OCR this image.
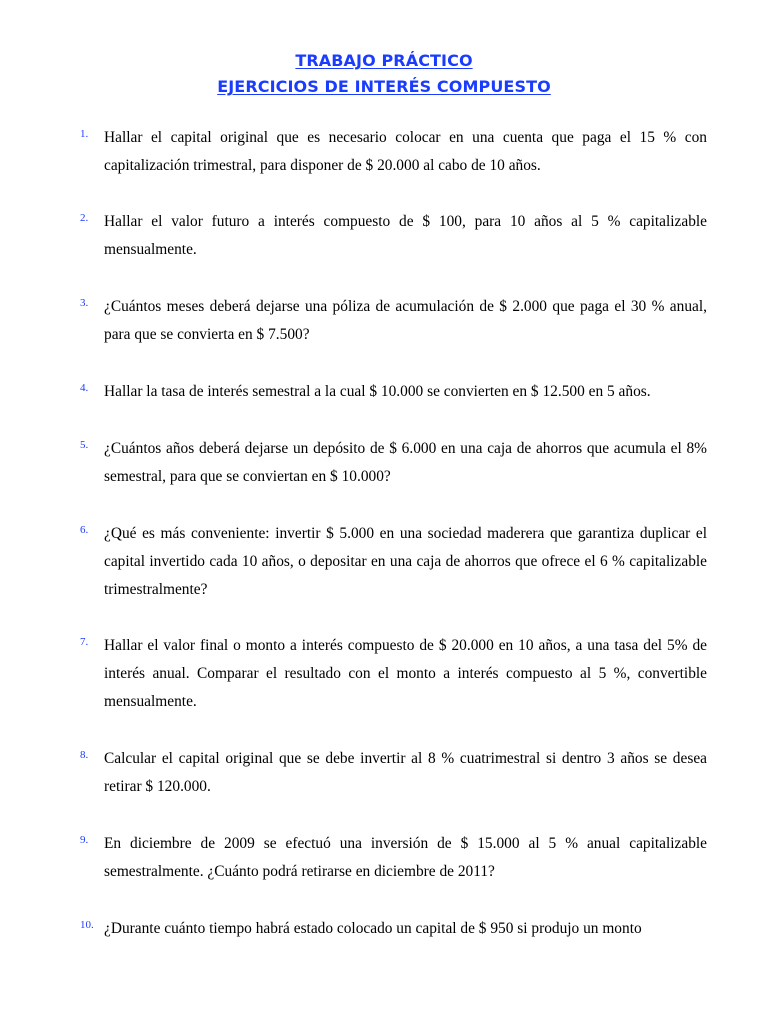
TRABAJO PRÁCTICO
EJERCICIOS DE INTERÉS COMPUESTO
1. Hallar el capital original que es necesario colocar en una cuenta que paga el 15 % con capitalización trimestral, para disponer de $ 20.000 al cabo de 10 años.

2. Hallar el valor futuro a interés compuesto de $ 100, para 10 años al 5 % capitalizable mensualmente.

3. ¿Cuántos meses deberá dejarse una póliza de acumulación de $ 2.000 que paga el 30 % anual, para que se convierta en $ 7.500?

4. Hallar la tasa de interés semestral a la cual $ 10.000 se convierten en $ 12.500 en 5 años.

5. ¿Cuántos años deberá dejarse un depósito de $ 6.000 en una caja de ahorros que acumula el 8% semestral, para que se conviertan en $ 10.000?

6. ¿Qué es más conveniente: invertir $ 5.000 en una sociedad maderera que garantiza duplicar el capital invertido cada 10 años, o depositar en una caja de ahorros que ofrece el 6 % capitalizable trimestralmente?

7. Hallar el valor final o monto a interés compuesto de $ 20.000 en 10 años, a una tasa del 5% de interés anual. Comparar el resultado con el monto a interés compuesto al 5 %, convertible mensualmente.

8. Calcular el capital original que se debe invertir al 8 % cuatrimestral si dentro 3 años se desea retirar $ 120.000.

9. En diciembre de 2009 se efectuó una inversión de $ 15.000 al 5 % anual capitalizable semestralmente. ¿Cuánto podrá retirarse en diciembre de 2011?

10. ¿Durante cuánto tiempo habrá estado colocado un capital de $ 950 si produjo un monto
